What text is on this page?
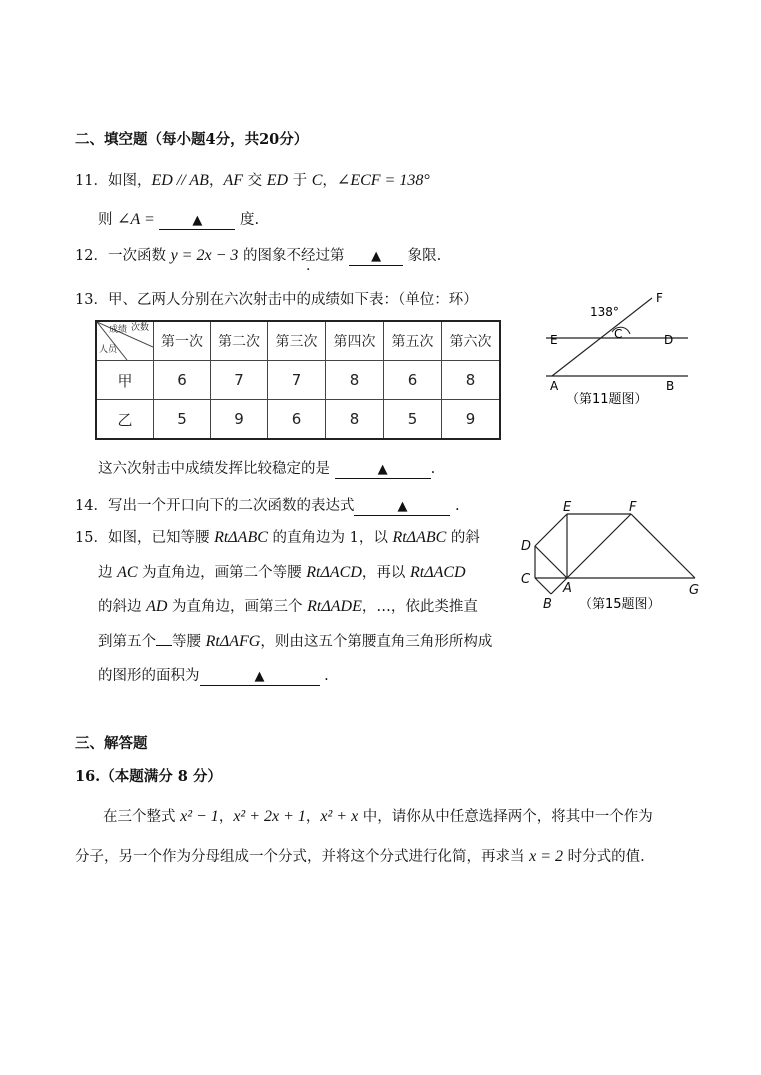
二、填空题（每小题4分，共20分）
11．如图，ED // AB，AF 交 ED 于 C，∠ECF = 138°
则 ∠A =	▲ 度.
12．一次函数 y = 2x − 3 的图象不经过第 ▲ 象限.
13．甲、乙两人分别在六次射击中的成绩如下表：（单位：环）
次数
成绩
人员	第一次	第二次	第三次	第四次	第五次	第六次
甲	6	7	7	8	6	8
乙	5	9	6	8	5	9
138°
F
C
E	D
A	B
（第11题图）
这六次射击中成绩发挥比较稳定的是	▲	.
14．写出一个开口向下的二次函数的表达式	▲	.
15．如图，已知等腰 RtΔABC 的直角边为 1，以 RtΔABC 的斜
边 AC 为直角边，画第二个等腰 RtΔACD，再以 RtΔACD
的斜边 AD 为直角边，画第三个 RtΔADE，…，依此类推直
到第五个 等腰 RtΔAFG，则由这五个第腰直角三角形所构成
的图形的面积为	▲	.
E	F
D
C
A
B
G
（第15题图）
三、解答题
16.（本题满分 8 分）
在三个整式 x² − 1，x² + 2x + 1，x² + x 中，请你从中任意选择两个，将其中一个作为
分子，另一个作为分母组成一个分式，并将这个分式进行化简，再求当 x = 2 时分式的值.
